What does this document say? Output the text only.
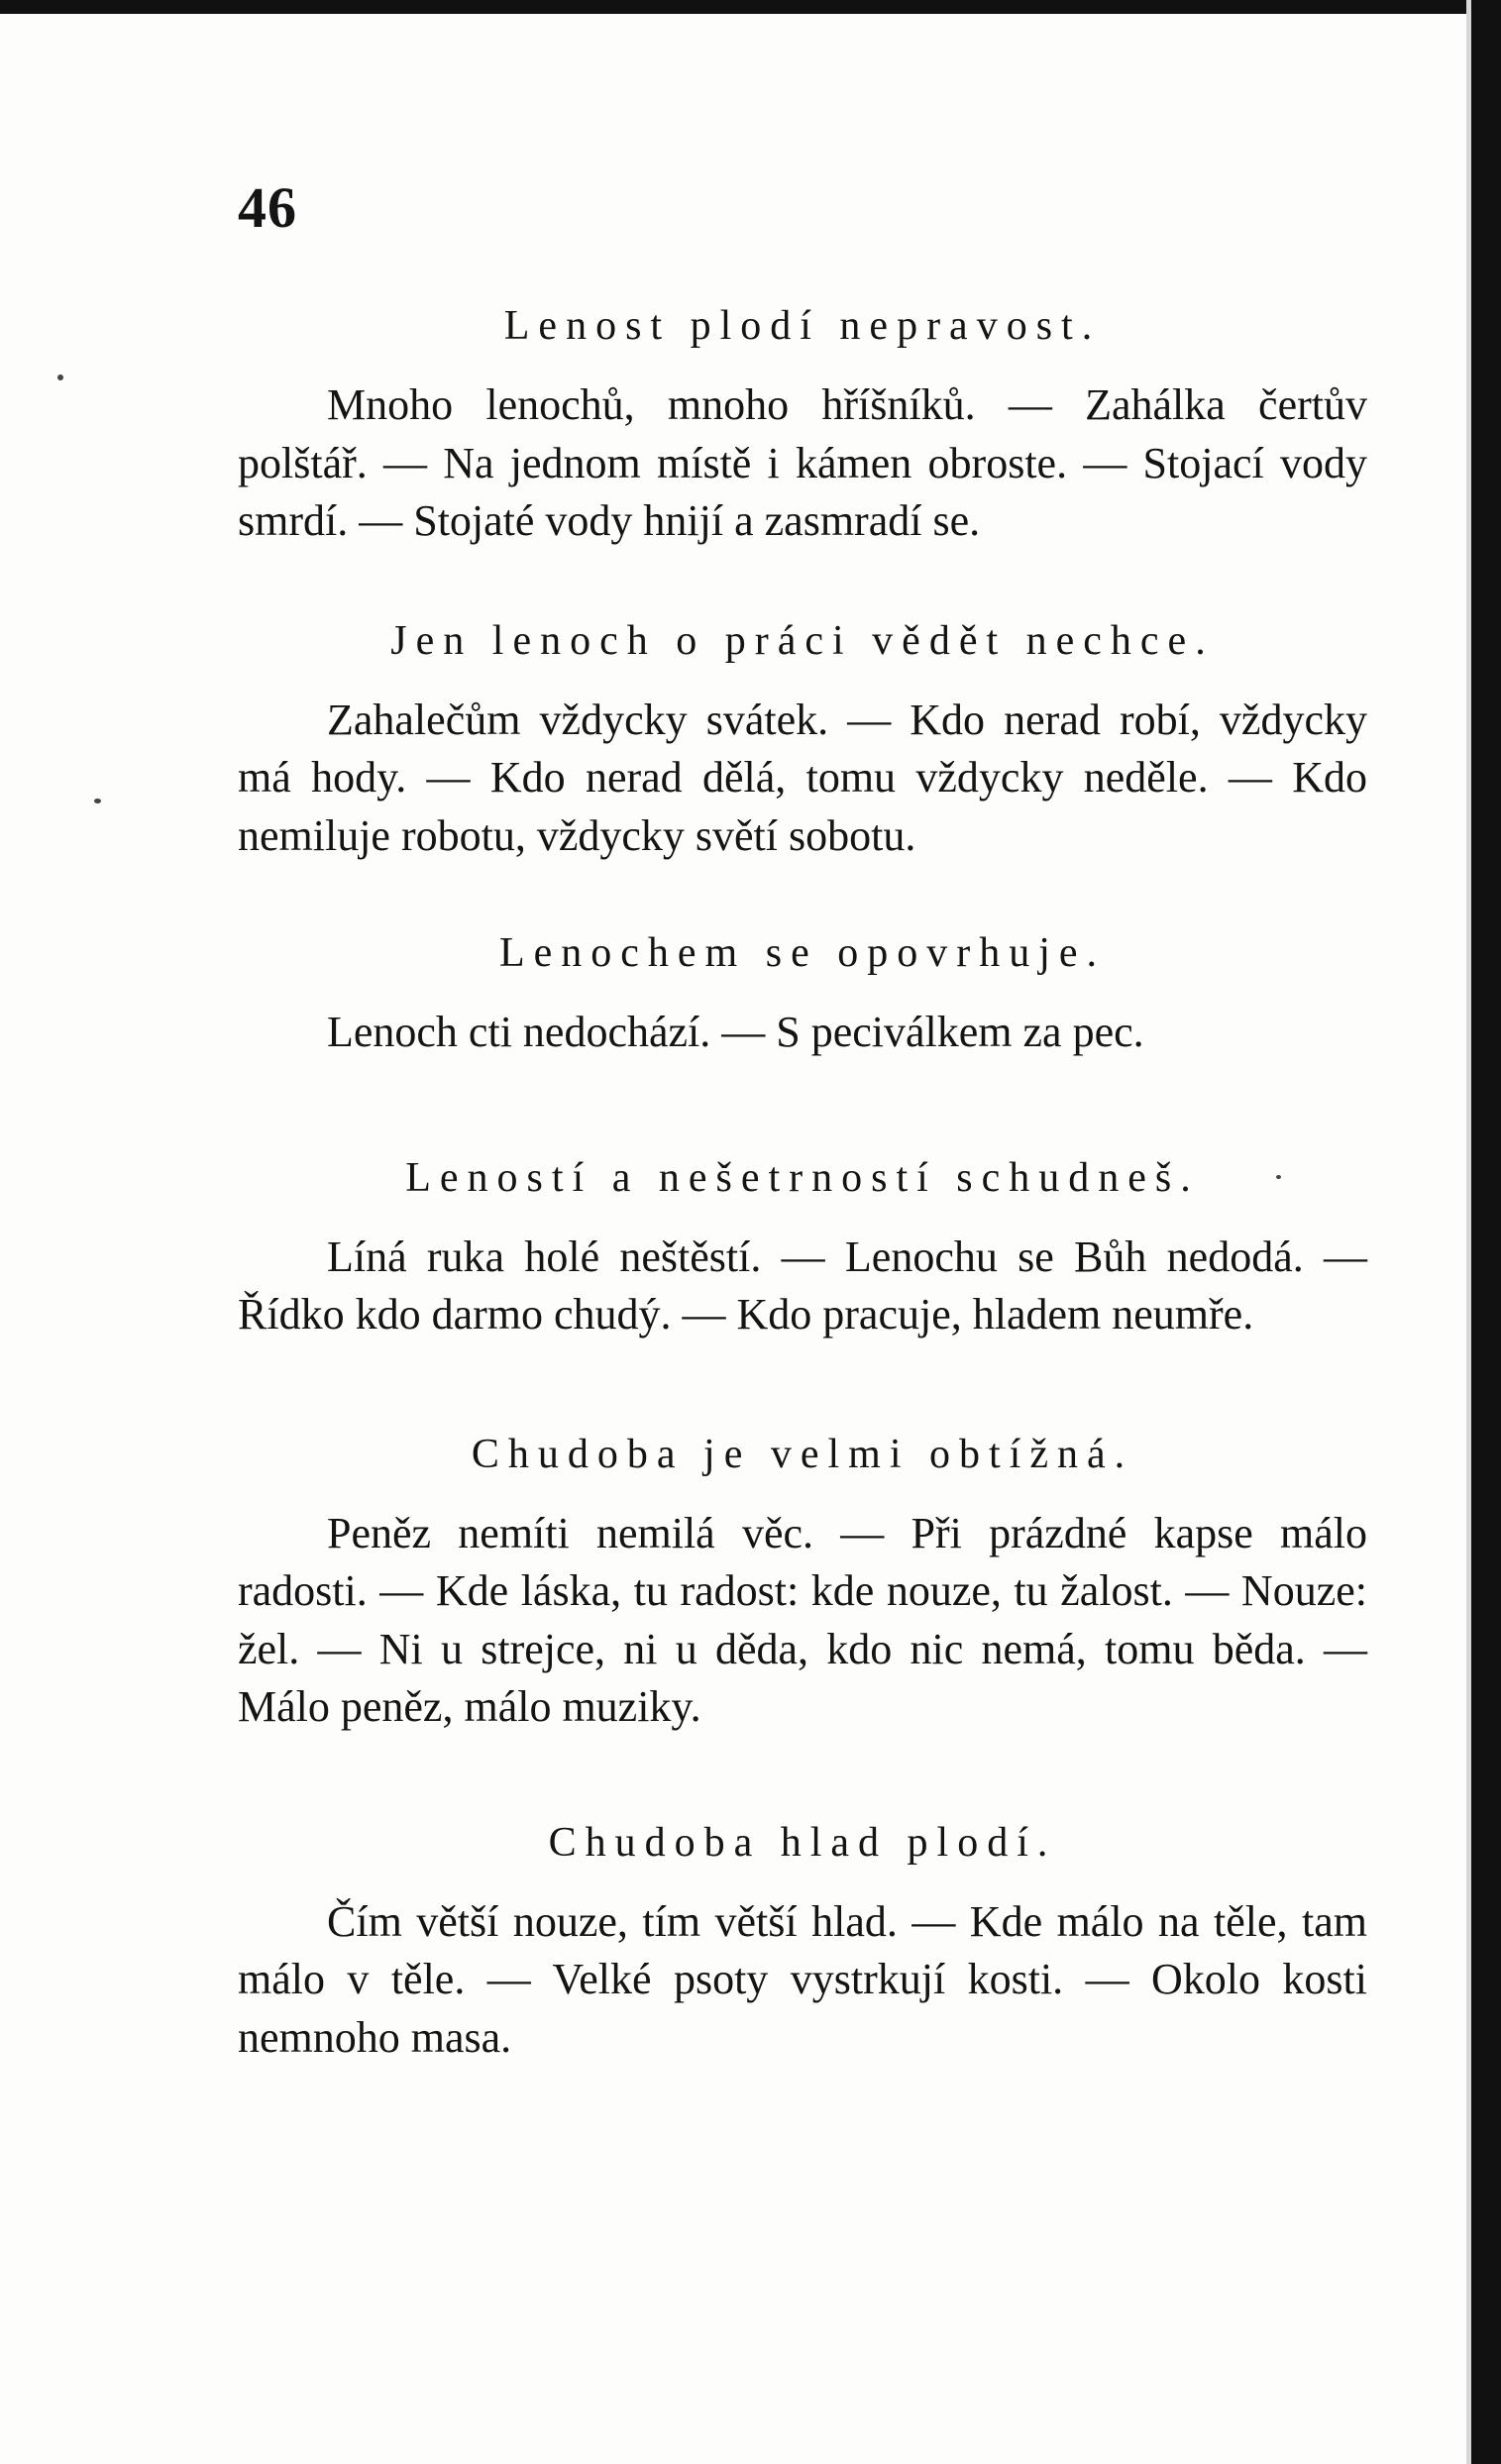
46
Lenost plodí nepravost.

Mnoho lenochů, mnoho hříšníků. — Zahálka čertův polštář. — Na jednom místě i kámen obroste. — Stojací vody smrdí. — Stojaté vody hnijí a zasmradí se.

Jen lenoch o práci vědět nechce.

Zahalečům vždycky svátek. — Kdo nerad robí, vždycky má hody. — Kdo nerad dělá, tomu vždycky neděle. — Kdo nemiluje robotu, vždycky světí sobotu.

Lenochem se opovrhuje.

Lenoch cti nedochází. — S peciválkem za pec.

Leností a nešetrností schudneš.

Líná ruka holé neštěstí. — Lenochu se Bůh nedodá. — Řídko kdo darmo chudý. — Kdo pracuje, hladem neumře.

Chudoba je velmi obtížná.

Peněz nemíti nemilá věc. — Při prázdné kapse málo radosti. — Kde láska, tu radost: kde nouze, tu žalost. — Nouze: žel. — Ni u strejce, ni u děda, kdo nic nemá, tomu běda. — Málo peněz, málo muziky.

Chudoba hlad plodí.

Čím větší nouze, tím větší hlad. — Kde málo na těle, tam málo v těle. — Velké psoty vystrkují kosti. — Okolo kosti nemnoho masa.
